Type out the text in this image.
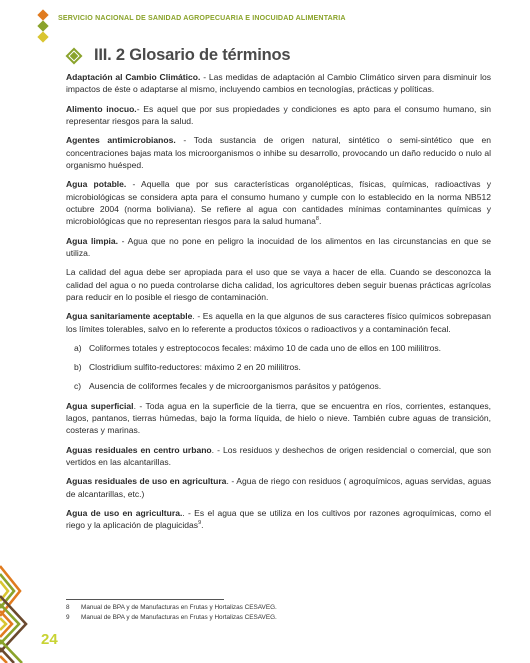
SERVICIO NACIONAL DE SANIDAD AGROPECUARIA E INOCUIDAD ALIMENTARIA
III. 2 Glosario de términos

Adaptación al Cambio Climático. - Las medidas de adaptación al Cambio Climático sirven para disminuir los impactos de éste o adaptarse al mismo, incluyendo cambios en tecnologías, prácticas y políticas.

Alimento inocuo.- Es aquel que por sus propiedades y condiciones es apto para el consumo humano, sin representar riesgos para la salud.

Agentes antimicrobianos. - Toda sustancia de origen natural, sintético o semi-sintético que en concentraciones bajas mata los microorganismos o inhibe su desarrollo, provocando un daño reducido o nulo al organismo huésped.

Agua potable. - Aquella que por sus características organolépticas, físicas, químicas, radioactivas y microbiológicas se considera apta para el consumo humano y cumple con lo establecido en la norma NB512 octubre 2004 (norma boliviana). Se refiere al agua con cantidades mínimas contaminantes químicas y microbiológicas que no representan riesgos para la salud humana$^8$.

Agua limpia. - Agua que no pone en peligro la inocuidad de los alimentos en las circunstancias en que se utiliza.

La calidad del agua debe ser apropiada para el uso que se vaya a hacer de ella. Cuando se desconozca la calidad del agua o no pueda controlarse dicha calidad, los agricultores deben seguir buenas prácticas agrícolas para reducir en lo posible el riesgo de contaminación.

Agua sanitariamente aceptable. - Es aquella en la que algunos de sus caracteres físico químicos sobrepasan los límites tolerables, salvo en lo referente a productos tóxicos o radioactivos y a contaminación fecal.

a) Coliformes totales y estreptococos fecales: máximo 10 de cada uno de ellos en 100 mililitros.
b) Clostridium sulfito-reductores: máximo 2 en 20 mililitros.
c) Ausencia de coliformes fecales y de microorganismos parásitos y patógenos.

Agua superficial. - Toda agua en la superficie de la tierra, que se encuentra en ríos, corrientes, estanques, lagos, pantanos, tierras húmedas, bajo la forma líquida, de hielo o nieve. También cubre aguas de transición, costeras y marinas.

Aguas residuales en centro urbano. - Los residuos y deshechos de origen residencial o comercial, que son vertidos en las alcantarillas.

Aguas residuales de uso en agricultura. - Agua de riego con residuos ( agroquímicos, aguas servidas, aguas de alcantarillas, etc.)

Agua de uso en agricultura.. - Es el agua que se utiliza en los cultivos por razones agroquímicas, como el riego y la aplicación de plaguicidas$^9$.

8 Manual de BPA y de Manufacturas en Frutas y Hortalizas CESAVEG.
9 Manual de BPA y de Manufacturas en Frutas y Hortalizas CESAVEG.
24
